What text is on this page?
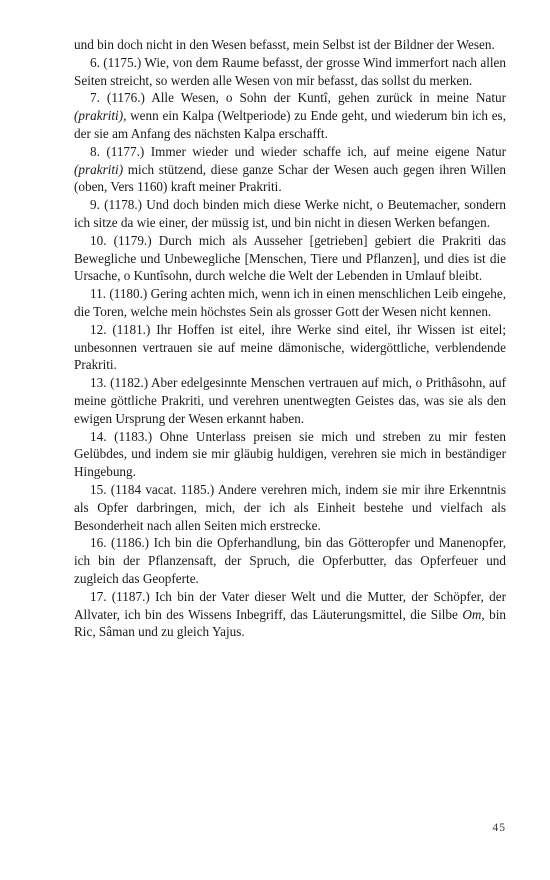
und bin doch nicht in den Wesen befasst, mein Selbst ist der Bildner der Wesen.

6. (1175.) Wie, von dem Raume befasst, der grosse Wind immerfort nach allen Seiten streicht, so werden alle Wesen von mir befasst, das sollst du merken.

7. (1176.) Alle Wesen, o Sohn der Kuntî, gehen zurück in meine Natur (prakriti), wenn ein Kalpa (Weltperiode) zu Ende geht, und wiederum bin ich es, der sie am Anfang des nächsten Kalpa erschafft.

8. (1177.) Immer wieder und wieder schaffe ich, auf meine eigene Natur (prakriti) mich stützend, diese ganze Schar der Wesen auch gegen ihren Willen (oben, Vers 1160) kraft meiner Prakriti.

9. (1178.) Und doch binden mich diese Werke nicht, o Beutemacher, sondern ich sitze da wie einer, der müssig ist, und bin nicht in diesen Werken befangen.

10. (1179.) Durch mich als Ausseher [getrieben] gebiert die Prakriti das Bewegliche und Unbewegliche [Menschen, Tiere und Pflanzen], und dies ist die Ursache, o Kuntîsohn, durch welche die Welt der Lebenden in Umlauf bleibt.

11. (1180.) Gering achten mich, wenn ich in einen menschlichen Leib eingehe, die Toren, welche mein höchstes Sein als grosser Gott der Wesen nicht kennen.

12. (1181.) Ihr Hoffen ist eitel, ihre Werke sind eitel, ihr Wissen ist eitel; unbesonnen vertrauen sie auf meine dämonische, widergöttliche, verblendende Prakriti.

13. (1182.) Aber edelgesinnte Menschen vertrauen auf mich, o Prithâsohn, auf meine göttliche Prakriti, und verehren unentwegten Geistes das, was sie als den ewigen Ursprung der Wesen erkannt haben.

14. (1183.) Ohne Unterlass preisen sie mich und streben zu mir festen Gelübdes, und indem sie mir gläubig huldigen, verehren sie mich in beständiger Hingebung.

15. (1184 vacat. 1185.) Andere verehren mich, indem sie mir ihre Erkenntnis als Opfer darbringen, mich, der ich als Einheit bestehe und vielfach als Besonderheit nach allen Seiten mich erstrecke.

16. (1186.) Ich bin die Opferhandlung, bin das Götteropfer und Manenopfer, ich bin der Pflanzensaft, der Spruch, die Opferbutter, das Opferfeuer und zugleich das Geopferte.

17. (1187.) Ich bin der Vater dieser Welt und die Mutter, der Schöpfer, der Allvater, ich bin des Wissens Inbegriff, das Läuterungsmittel, die Silbe Om, bin Ric, Sâman und zu gleich Yajus.

45
